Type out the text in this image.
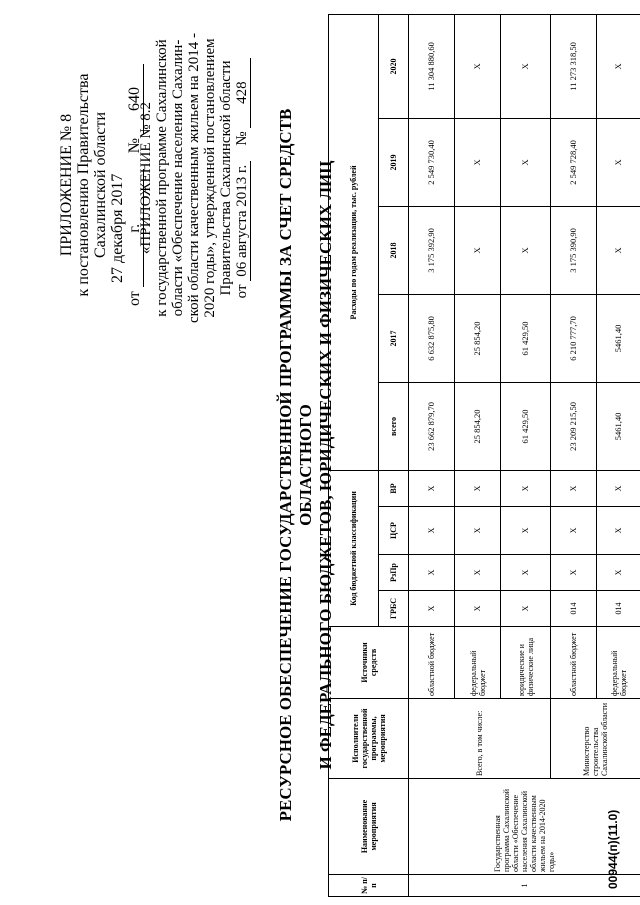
ПРИЛОЖЕНИЕ № 8 к постановлению Правительства Сахалинской области
от 27 декабря 2017 г.    № 640
«ПРИЛОЖЕНИЕ № 8.2 к государственной программе Сахалинской области «Обеспечение населения Сахалин- ской области качественным жильем на 2014 - 2020 годы», утвержденной постановлением Правительства Сахалинской области от 06 августа 2013 г.    № 428
РЕСУРСНОЕ ОБЕСПЕЧЕНИЕ ГОСУДАРСТВЕННОЙ ПРОГРАММЫ ЗА СЧЕТ СРЕДСТВ ОБЛАСТНОГО И ФЕДЕРАЛЬНОГО БЮДЖЕТОВ, ЮРИДИЧЕСКИХ И ФИЗИЧЕСКИХ ЛИЦ
№ п/п	Наименование мероприятия	Исполнители государственной программы, мероприятия	Источники средств	Код бюджетной классификации				Расходы по годам реализации, тыс. рублей				
				ГРБС	РзПр	ЦСР	ВР	всего	2017	2018	2019	2020
1	Государственная программа Сахалинской области «Обеспечение населения Сахалинской области качественным жильем на 2014-2020 годы»	Всего, в том числе:	областной бюджет	Х	Х	Х	Х	23 662 879,70	6 632 875,80	3 175 392,90	2 549 730,40	11 304 880,60
			федеральный бюджет	Х	Х	Х	Х	25 854,20	25 854,20	Х	Х	Х
			юридические и физические лица	Х	Х	Х	Х	61 429,50	61 429,50	Х	Х	Х
		Министерство строительства Сахалинской области	областной бюджет	014	Х	Х	Х	23 209 215,50	6 210 777,70	3 175 390,90	2 549 728,40	11 273 318,50
			федеральный бюджет	014	Х	Х	Х	5461,40	5461,40	Х	Х	Х
00944(п)(11.0)
